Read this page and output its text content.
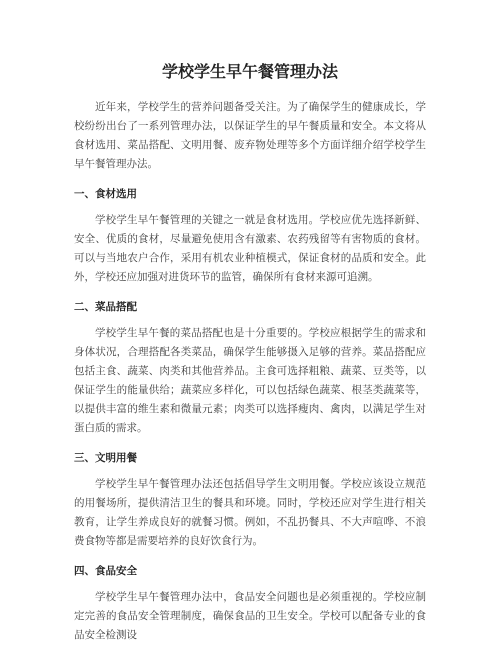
学校学生早午餐管理办法

近年来，学校学生的营养问题备受关注。为了确保学生的健康成长，学校纷纷出台了一系列管理办法，以保证学生的早午餐质量和安全。本文将从食材选用、菜品搭配、文明用餐、废弃物处理等多个方面详细介绍学校学生早午餐管理办法。

一、食材选用

学校学生早午餐管理的关键之一就是食材选用。学校应优先选择新鲜、安全、优质的食材，尽量避免使用含有激素、农药残留等有害物质的食材。可以与当地农户合作，采用有机农业种植模式，保证食材的品质和安全。此外，学校还应加强对进货环节的监管，确保所有食材来源可追溯。

二、菜品搭配

学校学生早午餐的菜品搭配也是十分重要的。学校应根据学生的需求和身体状况，合理搭配各类菜品，确保学生能够摄入足够的营养。菜品搭配应包括主食、蔬菜、肉类和其他营养品。主食可选择粗粮、蔬菜、豆类等，以保证学生的能量供给；蔬菜应多样化，可以包括绿色蔬菜、根茎类蔬菜等，以提供丰富的维生素和微量元素；肉类可以选择瘦肉、禽肉，以满足学生对蛋白质的需求。

三、文明用餐

学校学生早午餐管理办法还包括倡导学生文明用餐。学校应该设立规范的用餐场所，提供清洁卫生的餐具和环境。同时，学校还应对学生进行相关教育，让学生养成良好的就餐习惯。例如，不乱扔餐具、不大声喧哗、不浪费食物等都是需要培养的良好饮食行为。

四、食品安全

学校学生早午餐管理办法中，食品安全问题也是必须重视的。学校应制定完善的食品安全管理制度，确保食品的卫生安全。学校可以配备专业的食品安全检测设
